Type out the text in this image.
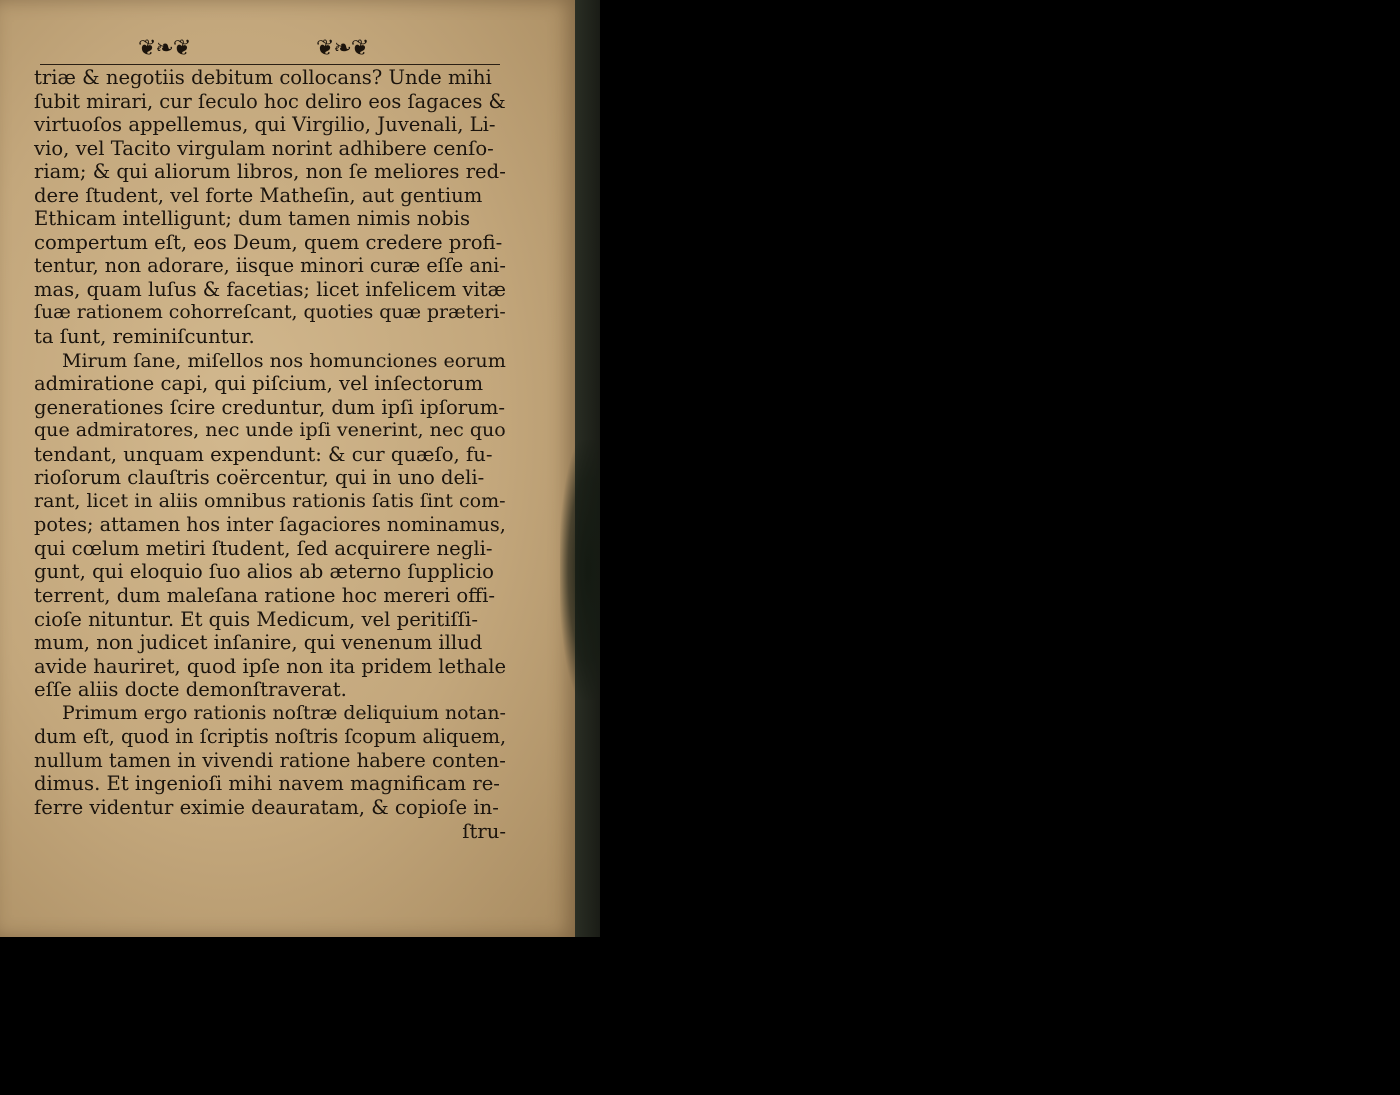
❦❧❦	❦❧❦
triæ & negotiis debitum collocans? Unde mihi
ſubit mirari, cur ſeculo hoc deliro eos ſagaces &
virtuoſos appellemus, qui Virgilio, Juvenali, Li-
vio, vel Tacito virgulam norint adhibere cenſo-
riam; & qui aliorum libros, non ſe meliores red-
dere ſtudent, vel forte Matheſin, aut gentium
Ethicam intelligunt; dum tamen nimis nobis
compertum eſt, eos Deum, quem credere profi-
tentur, non adorare, iisque minori curæ eſſe ani-
mas, quam luſus & facetias; licet infelicem vitæ
ſuæ rationem cohorreſcant, quoties quæ præteri-
ta ſunt, reminiſcuntur.
Mirum ſane, miſellos nos homunciones eorum
admiratione capi, qui piſcium, vel inſectorum
generationes ſcire creduntur, dum ipſi ipſorum-
que admiratores, nec unde ipſi venerint, nec quo
tendant, unquam expendunt: & cur quæſo, fu-
rioſorum clauſtris coërcentur, qui in uno deli-
rant, licet in aliis omnibus rationis ſatis ſint com-
potes; attamen hos inter ſagaciores nominamus,
qui cœlum metiri ſtudent, ſed acquirere negli-
gunt, qui eloquio ſuo alios ab æterno ſupplicio
terrent, dum maleſana ratione hoc mereri offi-
cioſe nituntur. Et quis Medicum, vel peritiſſi-
mum, non judicet inſanire, qui venenum illud
avide hauriret, quod ipſe non ita pridem lethale
eſſe aliis docte demonſtraverat.
Primum ergo rationis noſtræ deliquium notan-
dum eſt, quod in ſcriptis noſtris ſcopum aliquem,
nullum tamen in vivendi ratione habere conten-
dimus. Et ingenioſi mihi navem magnificam re-
ferre videntur eximie deauratam, & copioſe in-
ſtru-
